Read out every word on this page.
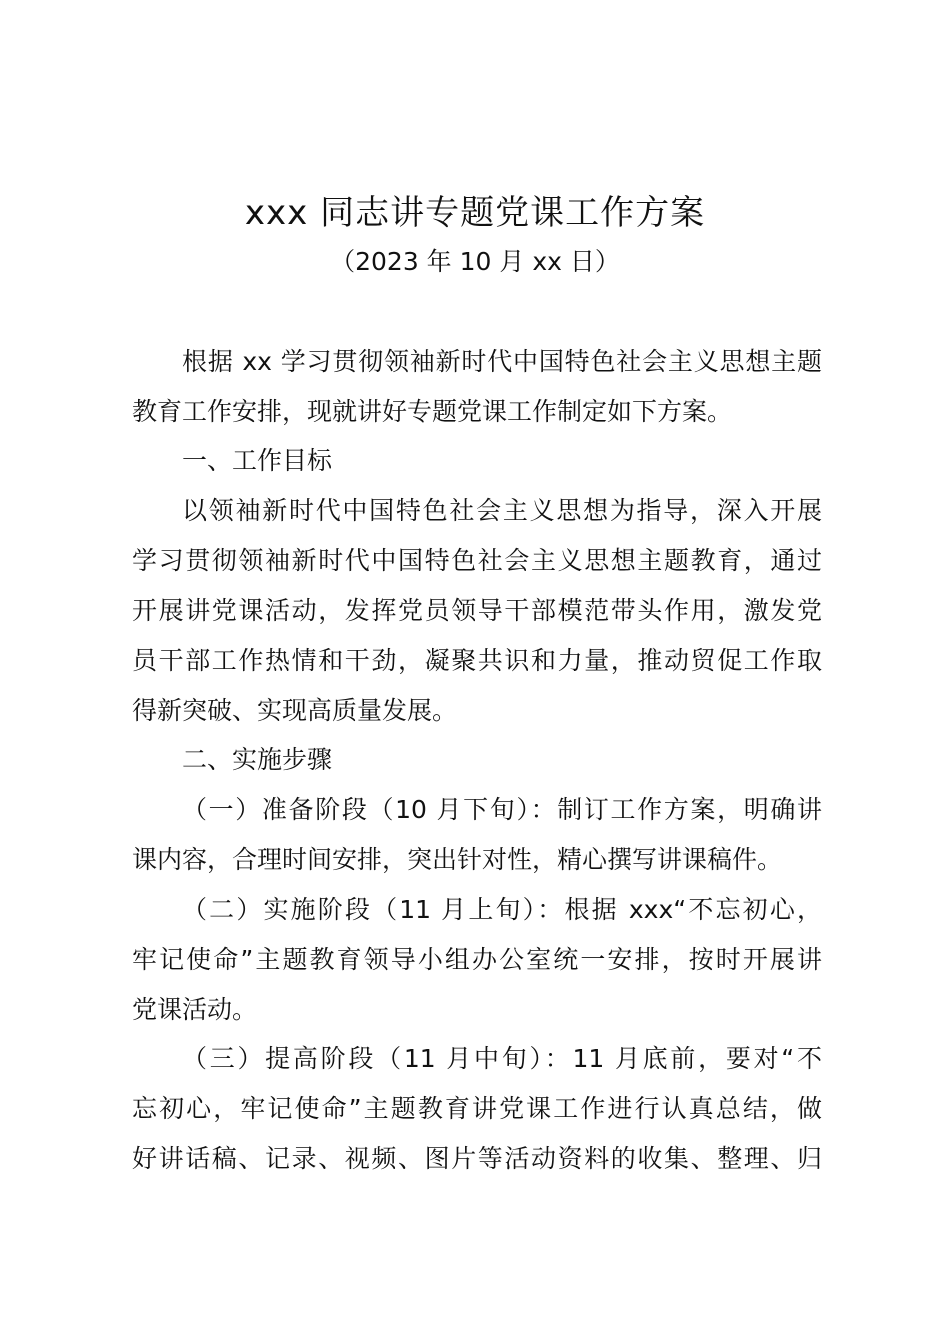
xxx 同志讲专题党课工作方案
（2023 年 10 月 xx 日）
根据 xx 学习贯彻领袖新时代中国特色社会主义思想主题
教育工作安排，现就讲好专题党课工作制定如下方案。
一、工作目标
以领袖新时代中国特色社会主义思想为指导，深入开展
学习贯彻领袖新时代中国特色社会主义思想主题教育，通过
开展讲党课活动，发挥党员领导干部模范带头作用，激发党
员干部工作热情和干劲，凝聚共识和力量，推动贸促工作取
得新突破、实现高质量发展。
二、实施步骤
（一）准备阶段（10 月下旬）：制订工作方案，明确讲
课内容，合理时间安排，突出针对性，精心撰写讲课稿件。
（二）实施阶段（11 月上旬）：根据 xxx“不忘初心，
牢记使命”主题教育领导小组办公室统一安排，按时开展讲
党课活动。
（三）提高阶段（11 月中旬）：11 月底前，要对“不
忘初心，牢记使命”主题教育讲党课工作进行认真总结，做
好讲话稿、记录、视频、图片等活动资料的收集、整理、归
